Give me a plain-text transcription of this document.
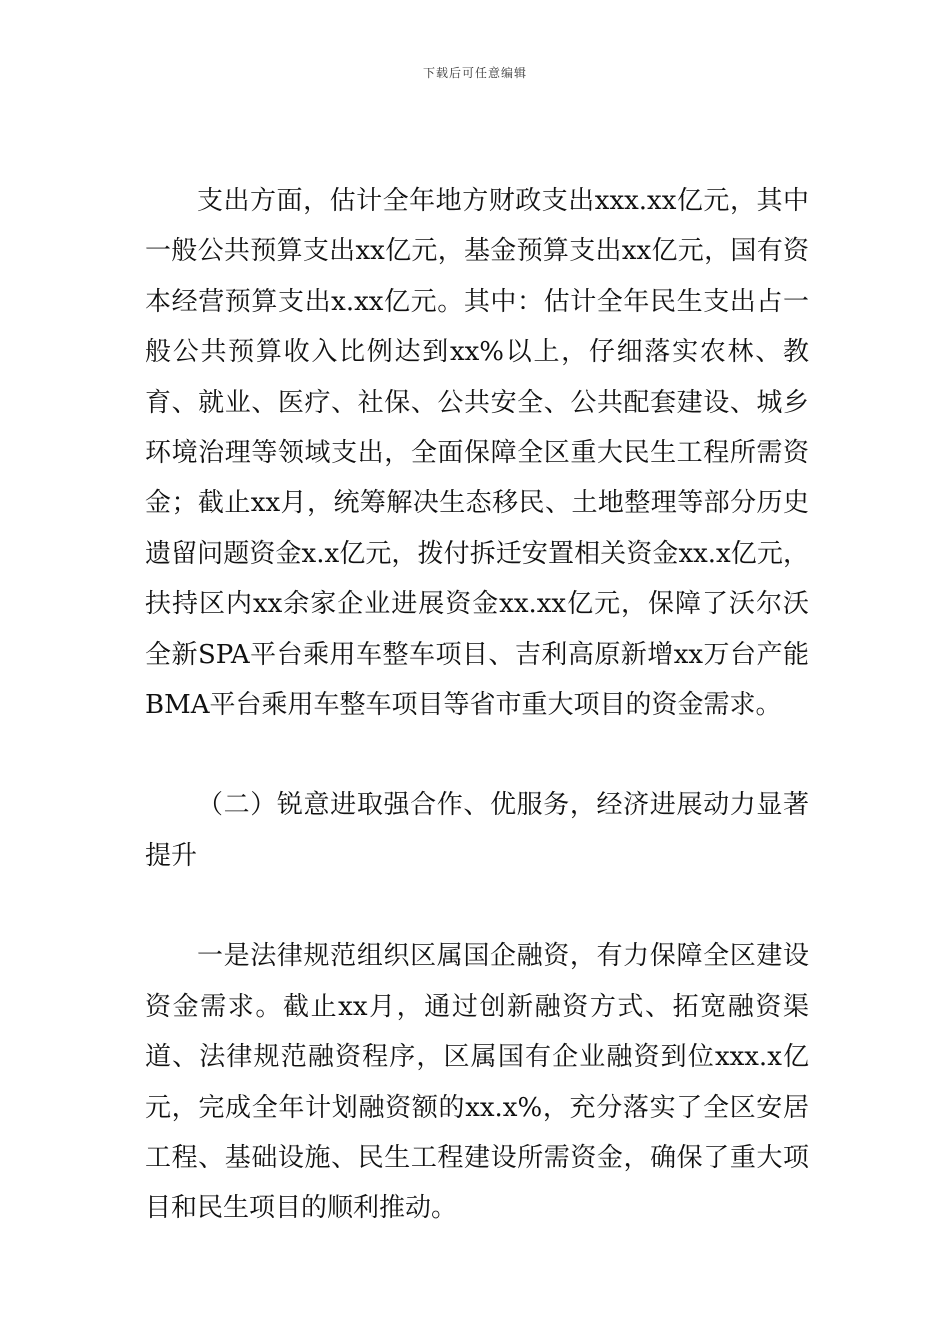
下载后可任意编辑

支出方面，估计全年地方财政支出xxx.xx亿元，其中一般公共预算支出xx亿元，基金预算支出xx亿元，国有资本经营预算支出x.xx亿元。其中：估计全年民生支出占一般公共预算收入比例达到xx%以上，仔细落实农林、教育、就业、医疗、社保、公共安全、公共配套建设、城乡环境治理等领域支出，全面保障全区重大民生工程所需资金；截止xx月，统筹解决生态移民、土地整理等部分历史遗留问题资金x.x亿元，拨付拆迁安置相关资金xx.x亿元，扶持区内xx余家企业进展资金xx.xx亿元，保障了沃尔沃全新SPA平台乘用车整车项目、吉利高原新增xx万台产能BMA平台乘用车整车项目等省市重大项目的资金需求。

（二）锐意进取强合作、优服务，经济进展动力显著提升

一是法律规范组织区属国企融资，有力保障全区建设资金需求。截止xx月，通过创新融资方式、拓宽融资渠道、法律规范融资程序，区属国有企业融资到位xxx.x亿元，完成全年计划融资额的xx.x%，充分落实了全区安居工程、基础设施、民生工程建设所需资金，确保了重大项目和民生项目的顺利推动。
